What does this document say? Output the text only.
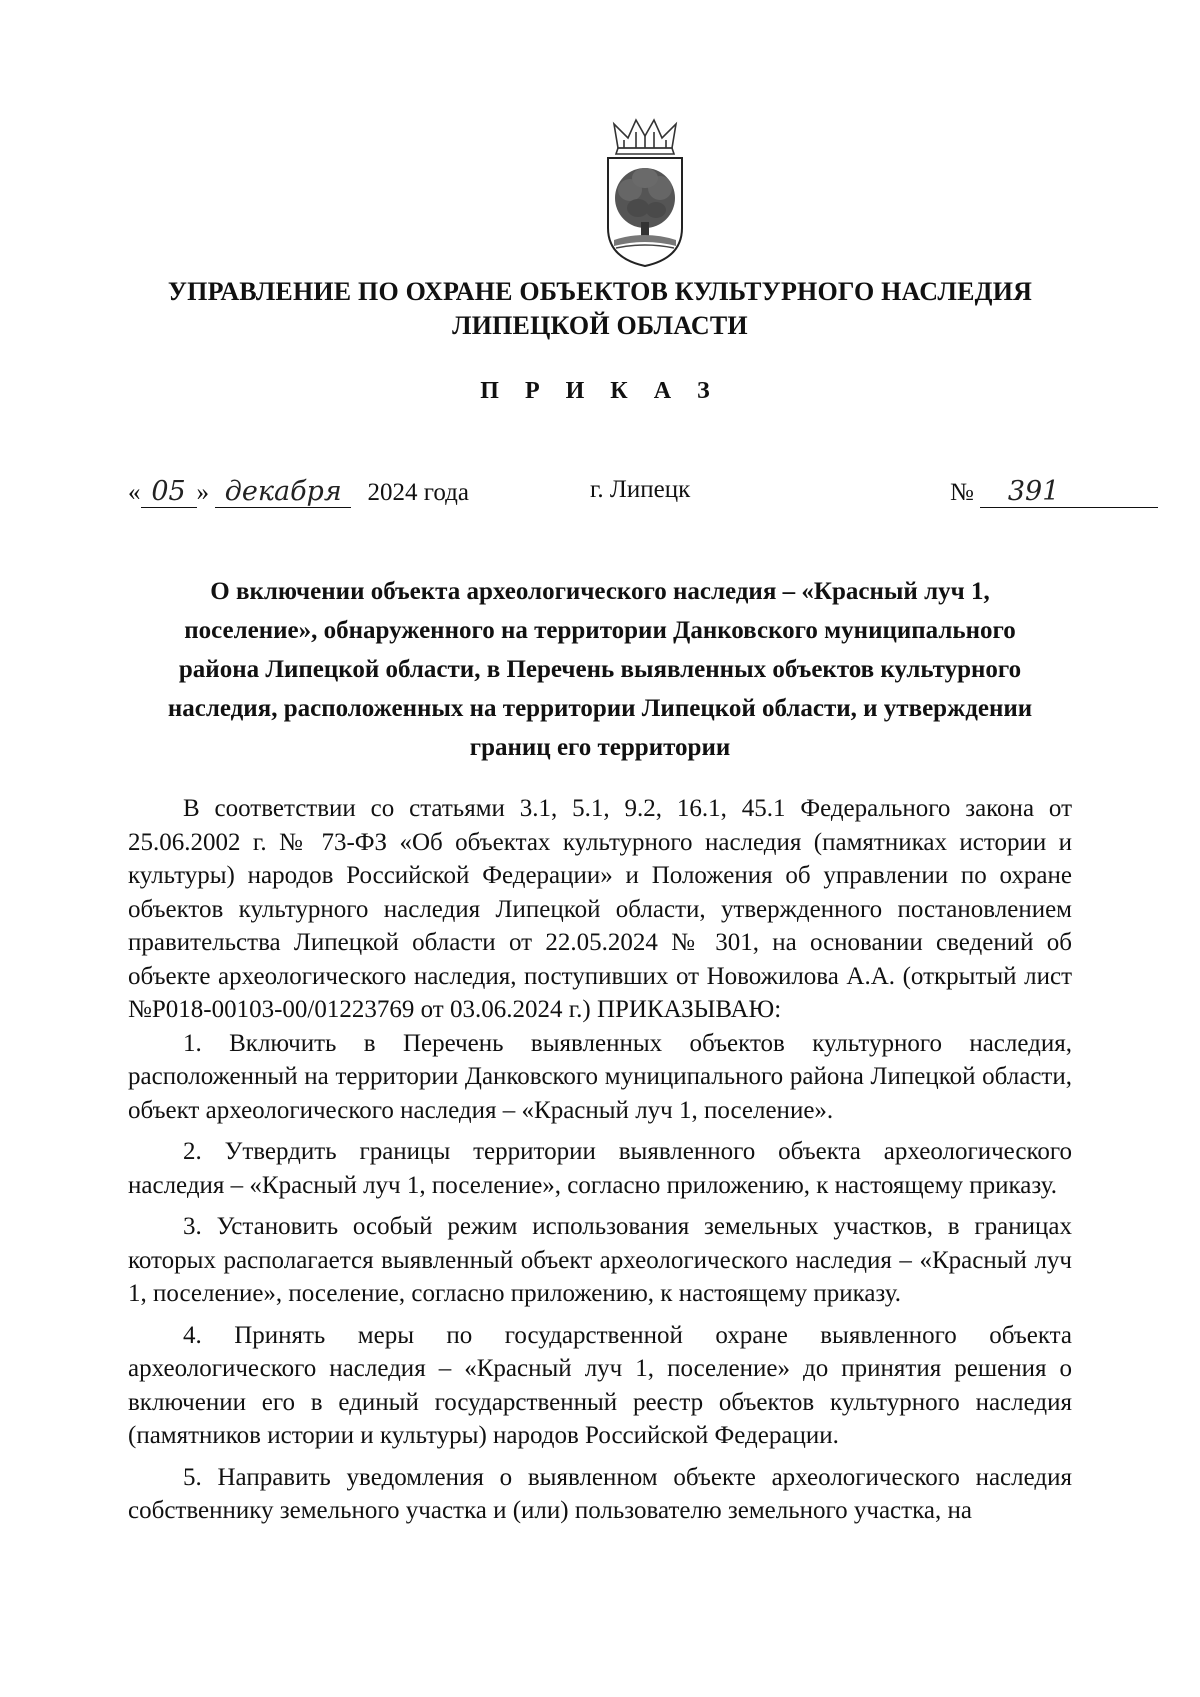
УПРАВЛЕНИЕ ПО ОХРАНЕ ОБЪЕКТОВ КУЛЬТУРНОГО НАСЛЕДИЯ
ЛИПЕЦКОЙ ОБЛАСТИ
П Р И К А З
« 05 » декабря 2024 года	г. Липецк	№ 391

О включении объекта археологического наследия – «Красный луч 1, поселение», обнаруженного на территории Данковского муниципального района Липецкой области, в Перечень выявленных объектов культурного наследия, расположенных на территории Липецкой области, и утверждении границ его территории

В соответствии со статьями 3.1, 5.1, 9.2, 16.1, 45.1 Федерального закона от 25.06.2002 г. № 73-ФЗ «Об объектах культурного наследия (памятниках истории и культуры) народов Российской Федерации» и Положения об управлении по охране объектов культурного наследия Липецкой области, утвержденного постановлением правительства Липецкой области от 22.05.2024 № 301, на основании сведений об объекте археологического наследия, поступивших от Новожилова А.А. (открытый лист №Р018-00103-00/01223769 от 03.06.2024 г.) ПРИКАЗЫВАЮ:

1. Включить в Перечень выявленных объектов культурного наследия, расположенный на территории Данковского муниципального района Липецкой области, объект археологического наследия – «Красный луч 1, поселение».

2. Утвердить границы территории выявленного объекта археологического наследия – «Красный луч 1, поселение», согласно приложению, к настоящему приказу.

3. Установить особый режим использования земельных участков, в границах которых располагается выявленный объект археологического наследия – «Красный луч 1, поселение», поселение, согласно приложению, к настоящему приказу.

4. Принять меры по государственной охране выявленного объекта археологического наследия – «Красный луч 1, поселение» до принятия решения о включении его в единый государственный реестр объектов культурного наследия (памятников истории и культуры) народов Российской Федерации.

5. Направить уведомления о выявленном объекте археологического наследия собственнику земельного участка и (или) пользователю земельного участка, на
